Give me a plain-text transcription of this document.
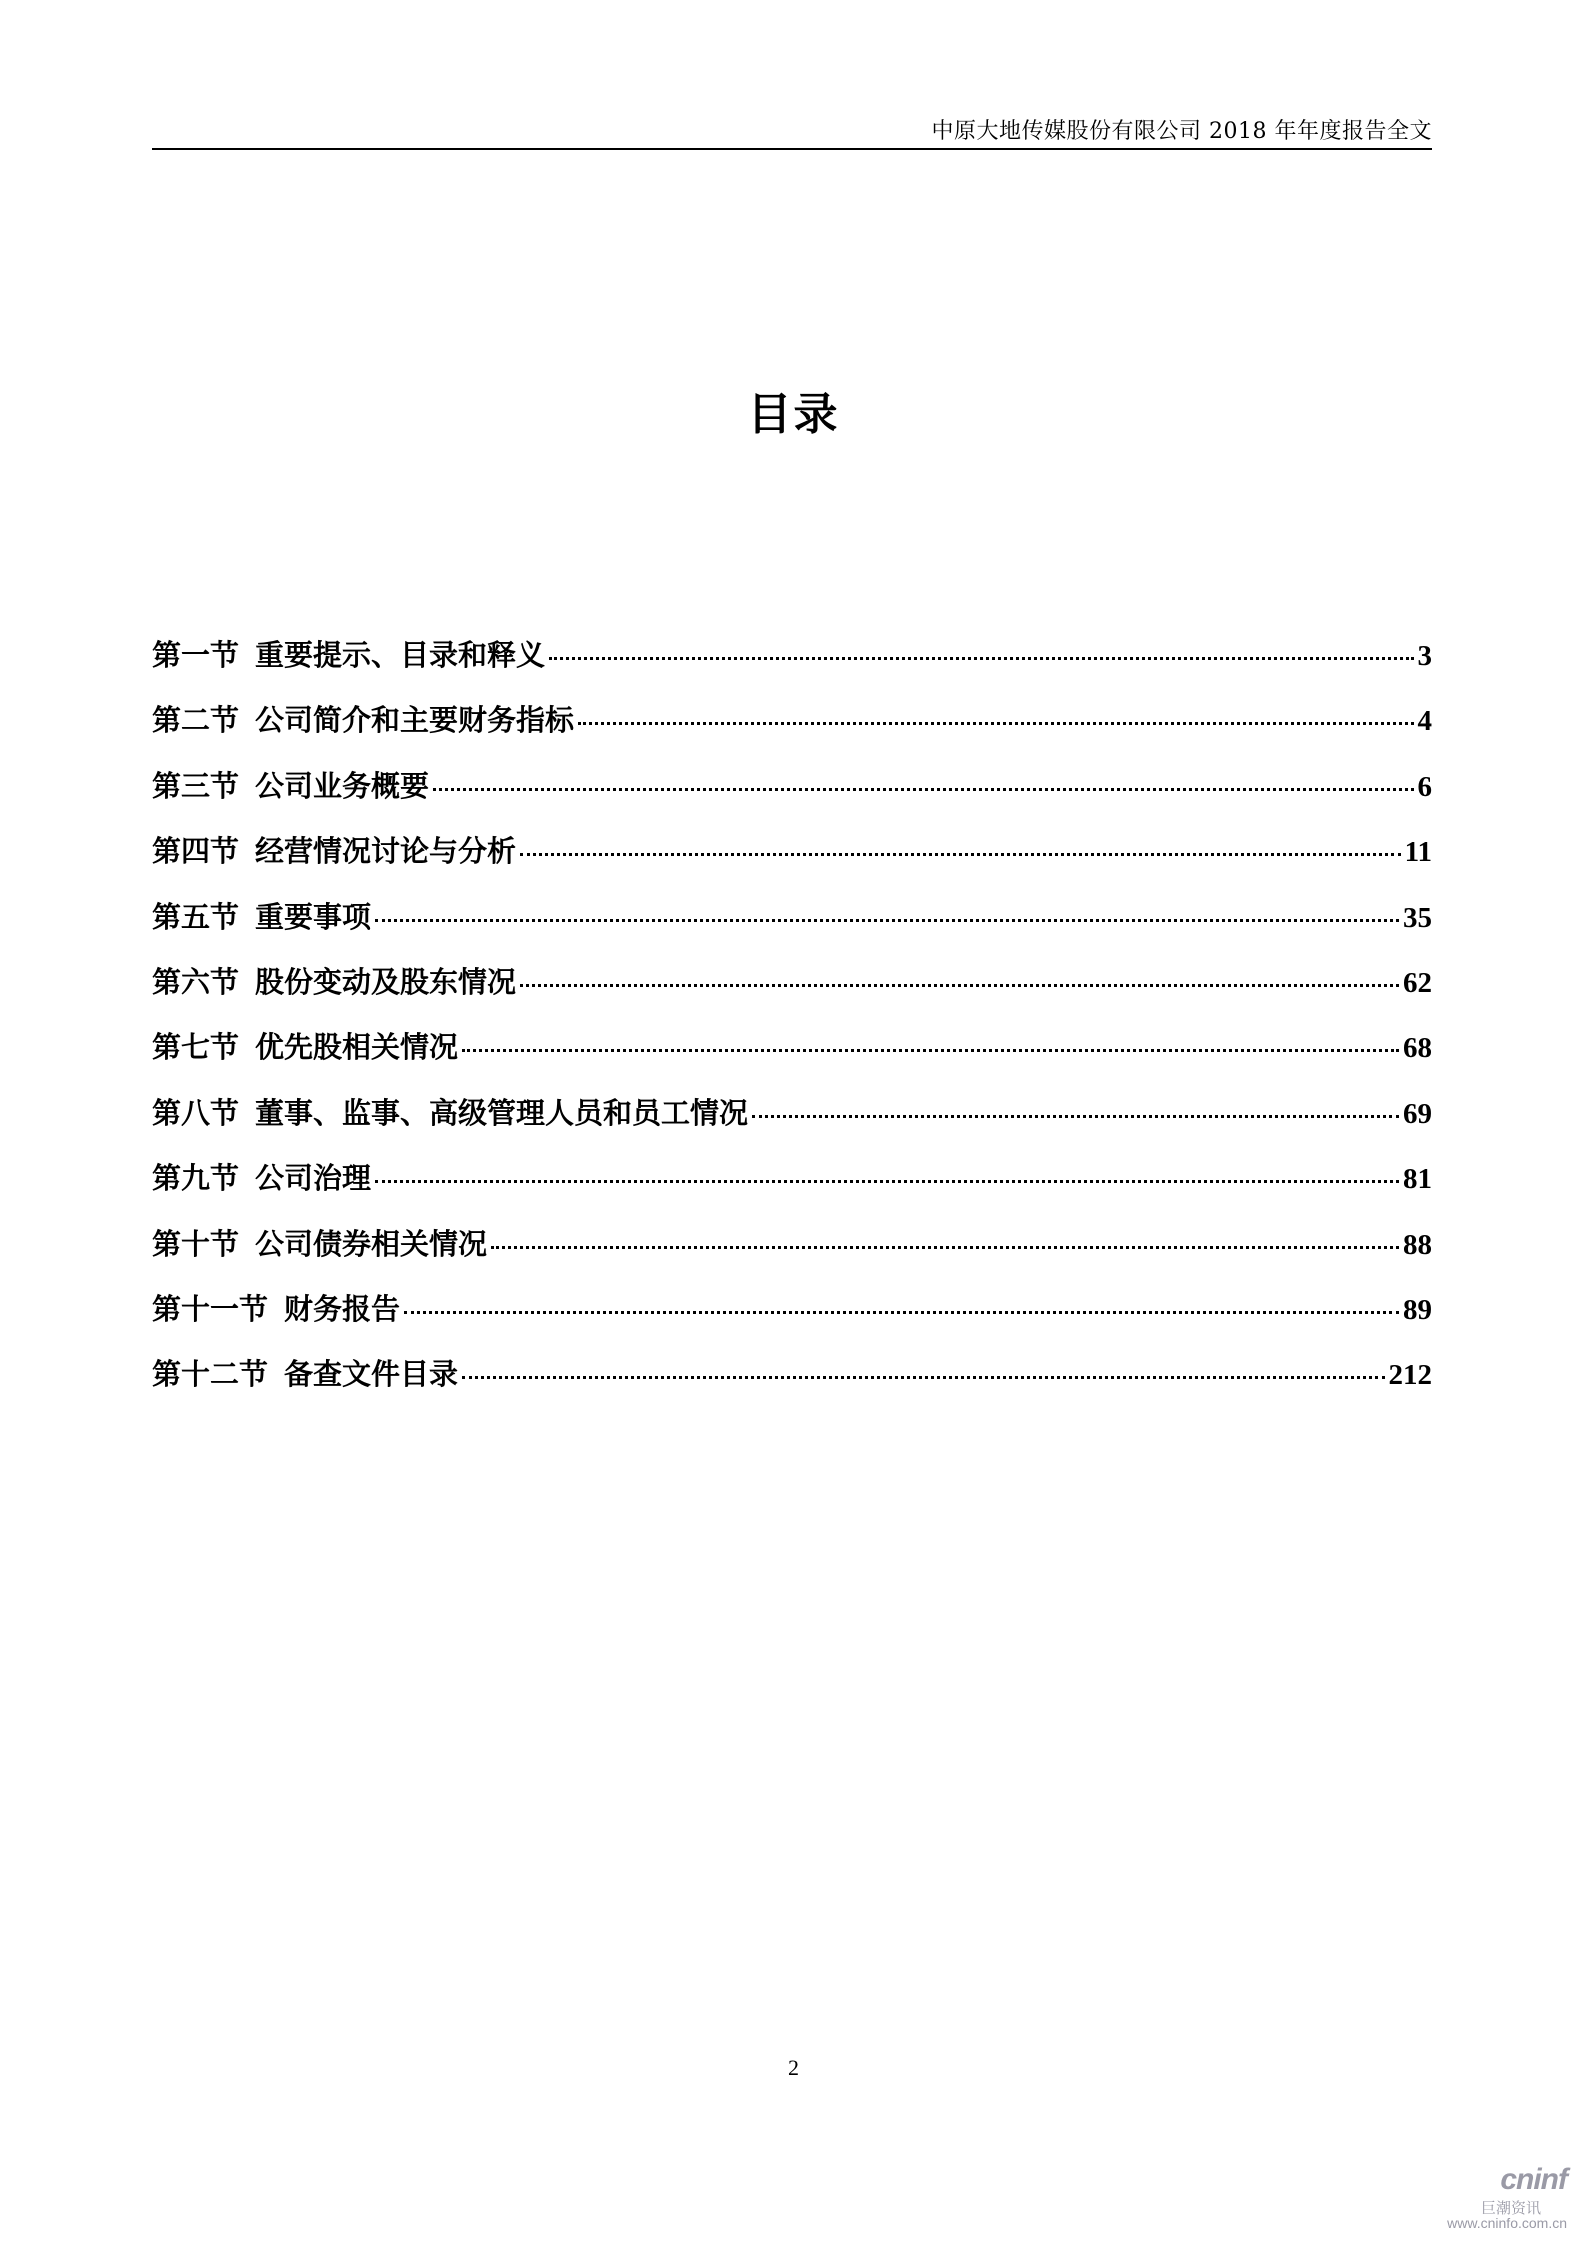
中原大地传媒股份有限公司 2018 年年度报告全文
目录
第一节 重要提示、目录和释义	3
第二节 公司简介和主要财务指标	4
第三节 公司业务概要	6
第四节 经营情况讨论与分析	11
第五节 重要事项	35
第六节 股份变动及股东情况	62
第七节 优先股相关情况	68
第八节 董事、监事、高级管理人员和员工情况	69
第九节 公司治理	81
第十节 公司债券相关情况	88
第十一节 财务报告	89
第十二节 备查文件目录	212
2
cninf
巨潮资讯
www.cninfo.com.cn
